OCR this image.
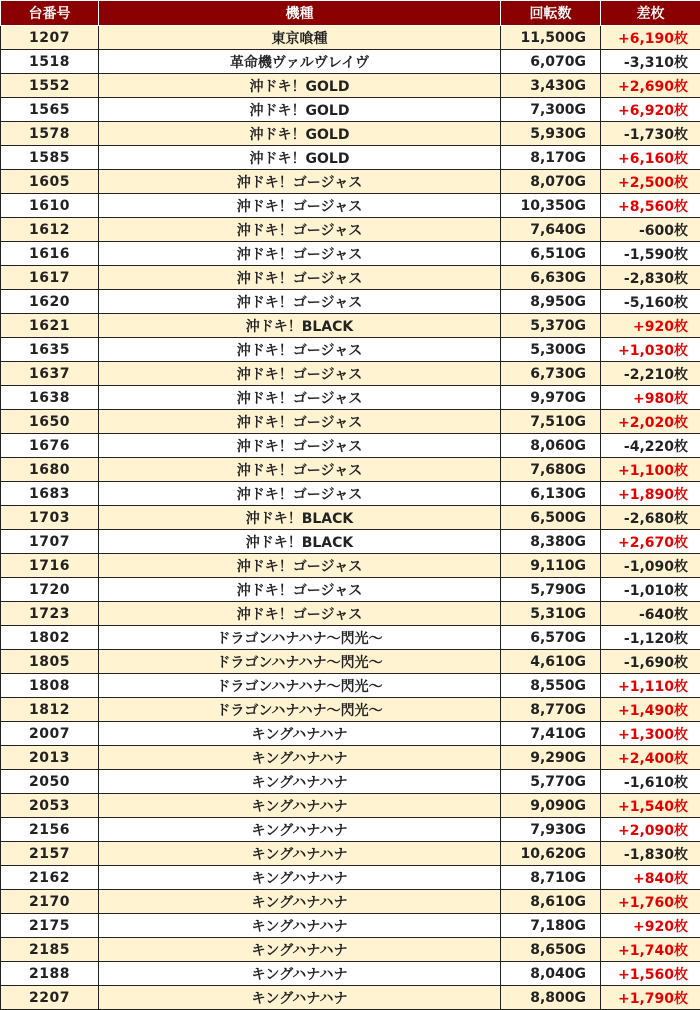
台番号	機種	回転数	差枚
1207	東京喰種	11,500G	+6,190枚
1518	革命機ヴァルヴレイヴ	6,070G	-3,310枚
1552	沖ドキ！GOLD	3,430G	+2,690枚
1565	沖ドキ！GOLD	7,300G	+6,920枚
1578	沖ドキ！GOLD	5,930G	-1,730枚
1585	沖ドキ！GOLD	8,170G	+6,160枚
1605	沖ドキ！ゴージャス	8,070G	+2,500枚
1610	沖ドキ！ゴージャス	10,350G	+8,560枚
1612	沖ドキ！ゴージャス	7,640G	-600枚
1616	沖ドキ！ゴージャス	6,510G	-1,590枚
1617	沖ドキ！ゴージャス	6,630G	-2,830枚
1620	沖ドキ！ゴージャス	8,950G	-5,160枚
1621	沖ドキ！BLACK	5,370G	+920枚
1635	沖ドキ！ゴージャス	5,300G	+1,030枚
1637	沖ドキ！ゴージャス	6,730G	-2,210枚
1638	沖ドキ！ゴージャス	9,970G	+980枚
1650	沖ドキ！ゴージャス	7,510G	+2,020枚
1676	沖ドキ！ゴージャス	8,060G	-4,220枚
1680	沖ドキ！ゴージャス	7,680G	+1,100枚
1683	沖ドキ！ゴージャス	6,130G	+1,890枚
1703	沖ドキ！BLACK	6,500G	-2,680枚
1707	沖ドキ！BLACK	8,380G	+2,670枚
1716	沖ドキ！ゴージャス	9,110G	-1,090枚
1720	沖ドキ！ゴージャス	5,790G	-1,010枚
1723	沖ドキ！ゴージャス	5,310G	-640枚
1802	ドラゴンハナハナ～閃光～	6,570G	-1,120枚
1805	ドラゴンハナハナ～閃光～	4,610G	-1,690枚
1808	ドラゴンハナハナ～閃光～	8,550G	+1,110枚
1812	ドラゴンハナハナ～閃光～	8,770G	+1,490枚
2007	キングハナハナ	7,410G	+1,300枚
2013	キングハナハナ	9,290G	+2,400枚
2050	キングハナハナ	5,770G	-1,610枚
2053	キングハナハナ	9,090G	+1,540枚
2156	キングハナハナ	7,930G	+2,090枚
2157	キングハナハナ	10,620G	-1,830枚
2162	キングハナハナ	8,710G	+840枚
2170	キングハナハナ	8,610G	+1,760枚
2175	キングハナハナ	7,180G	+920枚
2185	キングハナハナ	8,650G	+1,740枚
2188	キングハナハナ	8,040G	+1,560枚
2207	キングハナハナ	8,800G	+1,790枚
